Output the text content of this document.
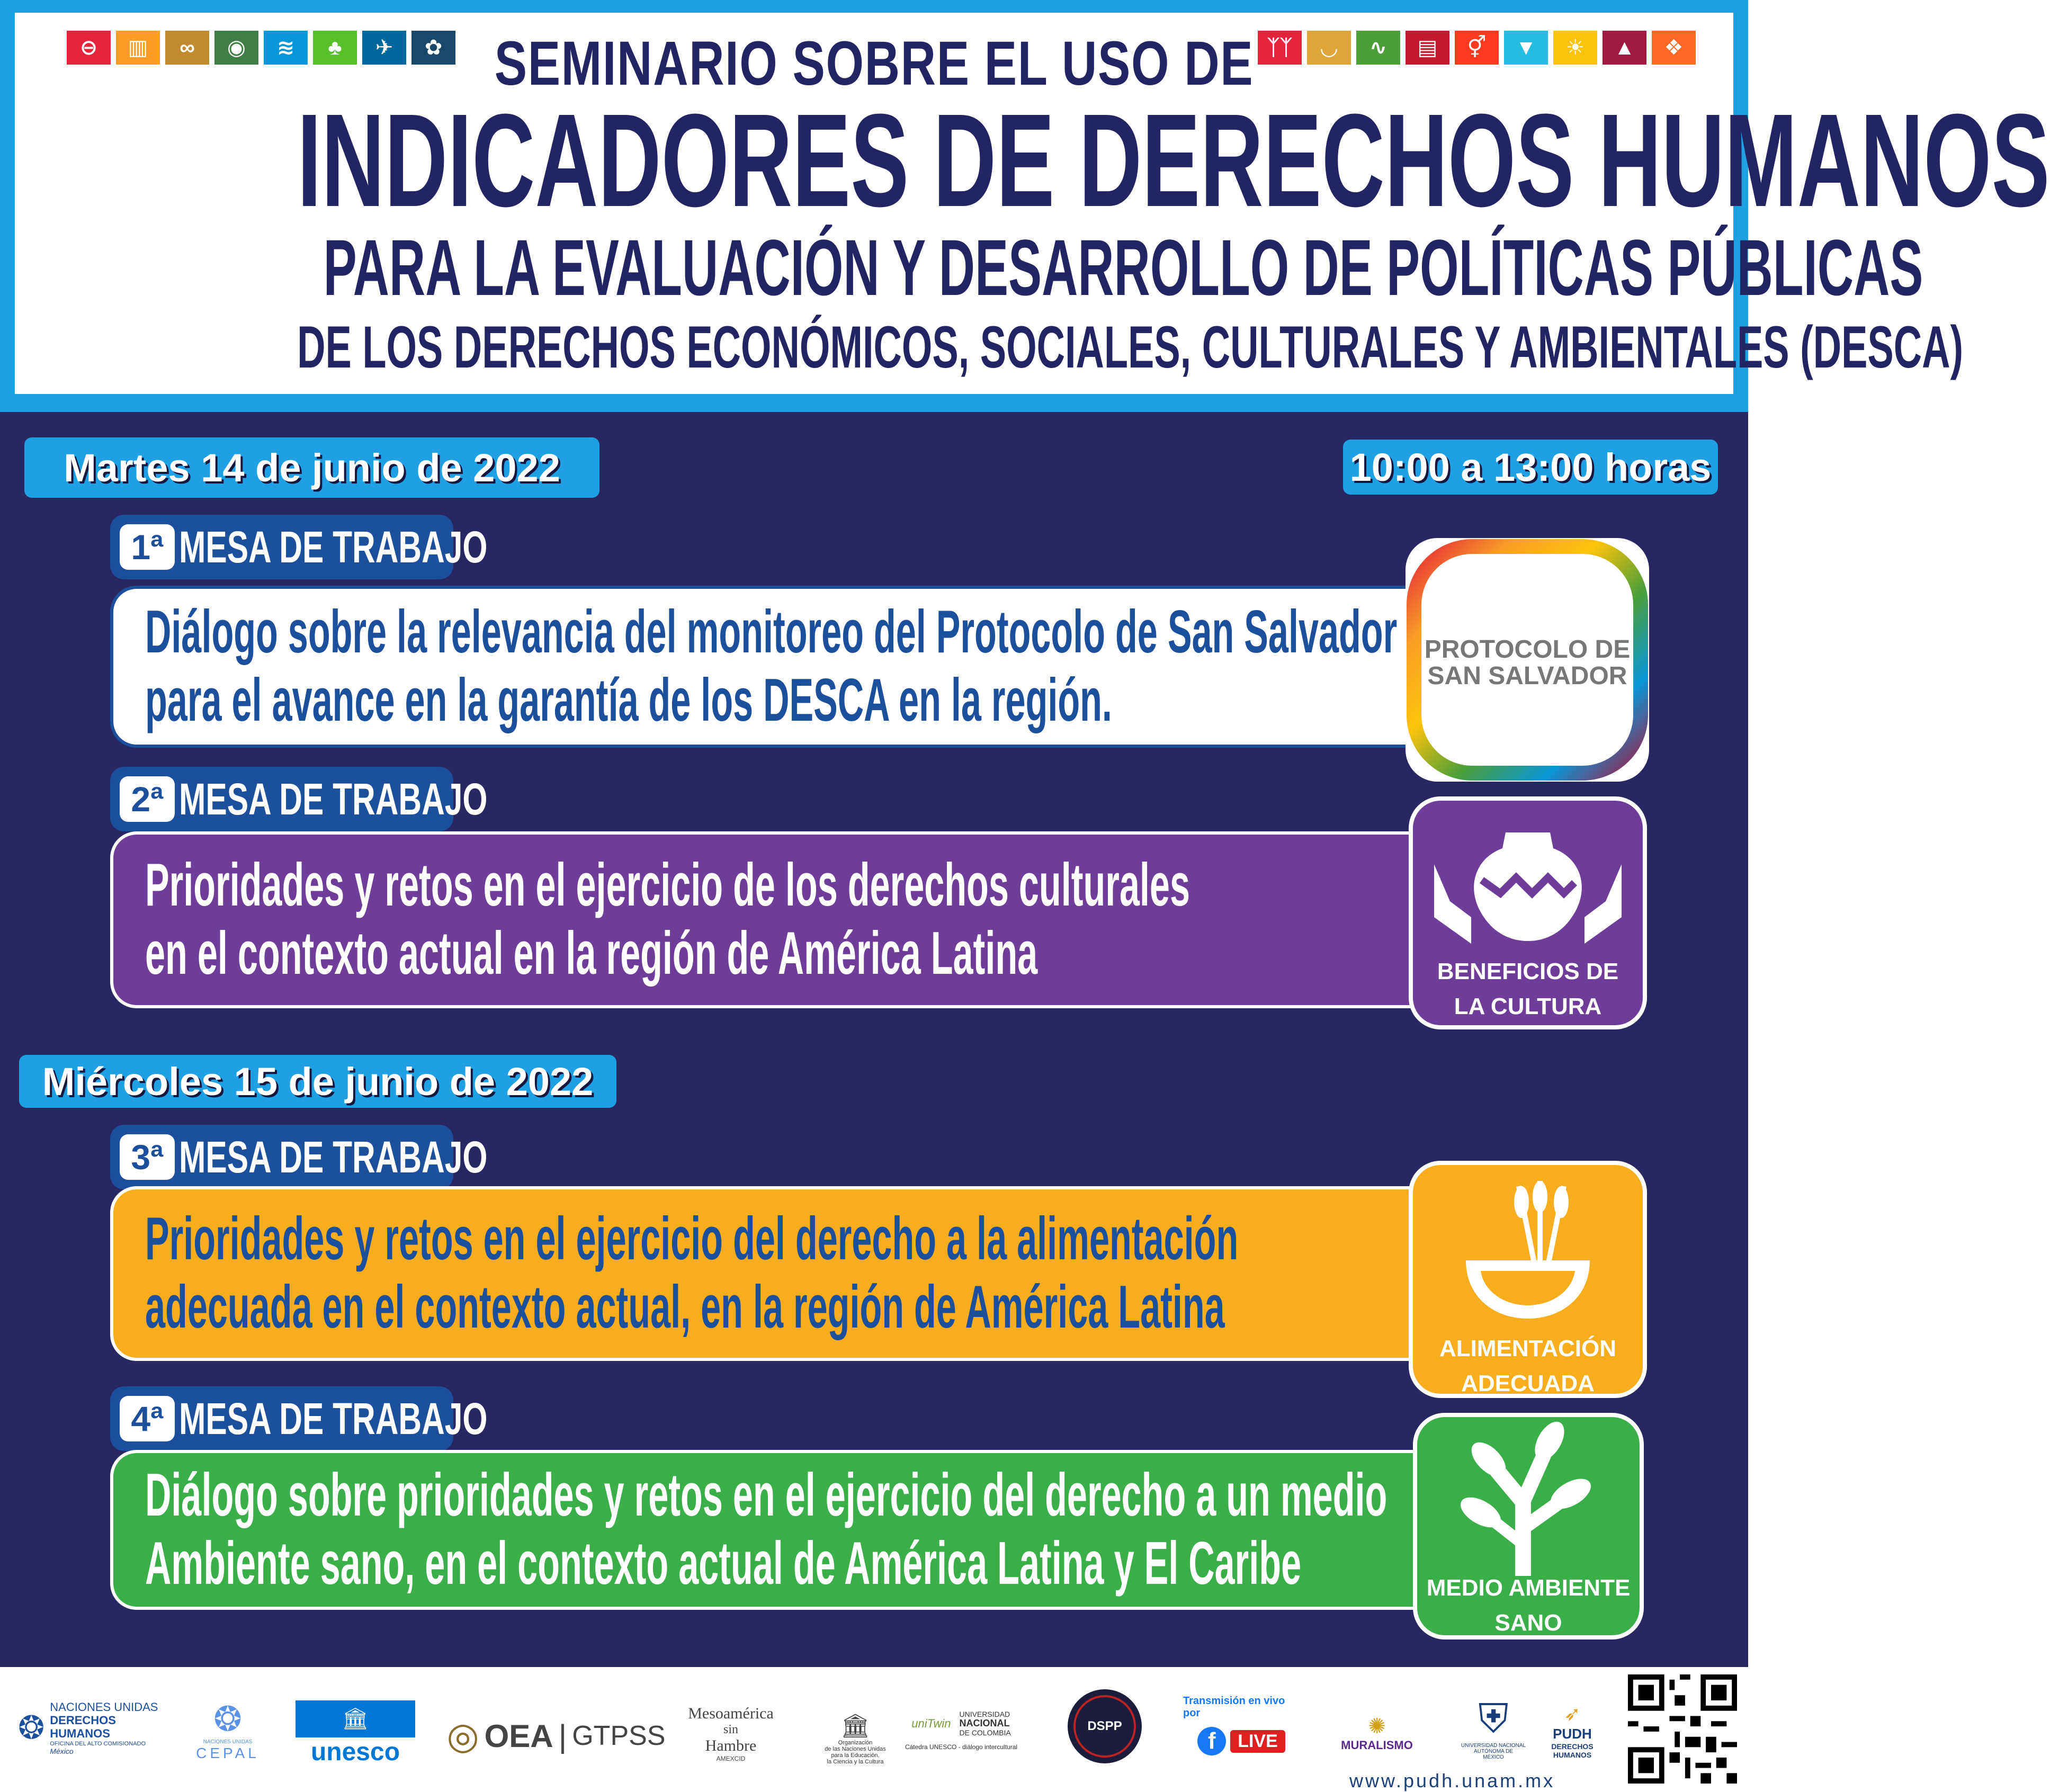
⊖	▥	∞	◉	≋	♣	✈	✿	ᛉᛉ	◡	∿	▤	⚥	▼	☀	▲	❖
SEMINARIO SOBRE EL USO DE
INDICADORES DE DERECHOS HUMANOS
PARA LA EVALUACIÓN Y DESARROLLO DE POLÍTICAS PÚBLICAS
DE LOS DERECHOS ECONÓMICOS, SOCIALES, CULTURALES Y AMBIENTALES (DESCA)
Martes 14 de junio de 2022	10:00 a 13:00 horas
1ª MESA DE TRABAJO
Diálogo sobre la relevancia del monitoreo del Protocolo de San Salvador
para el avance en la garantía de los DESCA en la región.
PROTOCOLO DE
SAN SALVADOR
2ª MESA DE TRABAJO
Prioridades y retos en el ejercicio de los derechos culturales
en el contexto actual en la región de América Latina	BENEFICIOS DE
LA CULTURA
Miércoles 15 de junio de 2022
3ª MESA DE TRABAJO
Prioridades y retos en el ejercicio del derecho a la alimentación
adecuada en el contexto actual, en la región de América Latina
ALIMENTACIÓN
ADECUADA
4ª MESA DE TRABAJO
Diálogo sobre prioridades y retos en el ejercicio del derecho a un medio
Ambiente sano, en el contexto actual de América Latina y El Caribe	MEDIO AMBIENTE
SANO
❂
NACIONES UNIDAS
DERECHOS HUMANOS
OFICINA DEL ALTO COMISIONADO
México
❂
NACIONES UNIDAS
CEPAL
🏛
unesco ◎ OEA | GTPSS
Mesoamérica
sin
Hambre
AMEXCID
🏛
Organización
de las Naciones Unidas
para la Educación,
la Ciencia y la Cultura
uniTwin
UNIVERSIDAD
NACIONAL
DE COLOMBIA
Cátedra UNESCO - diálogo intercultural
DSPP
Transmisión en vivo por
f	LIVE
✺
MURALISMO
⛨
UNIVERSIDAD NACIONAL
AUTÓNOMA DE
MÉXICO
➶
PUDH
DERECHOS
HUMANOS
www.pudh.unam.mx
